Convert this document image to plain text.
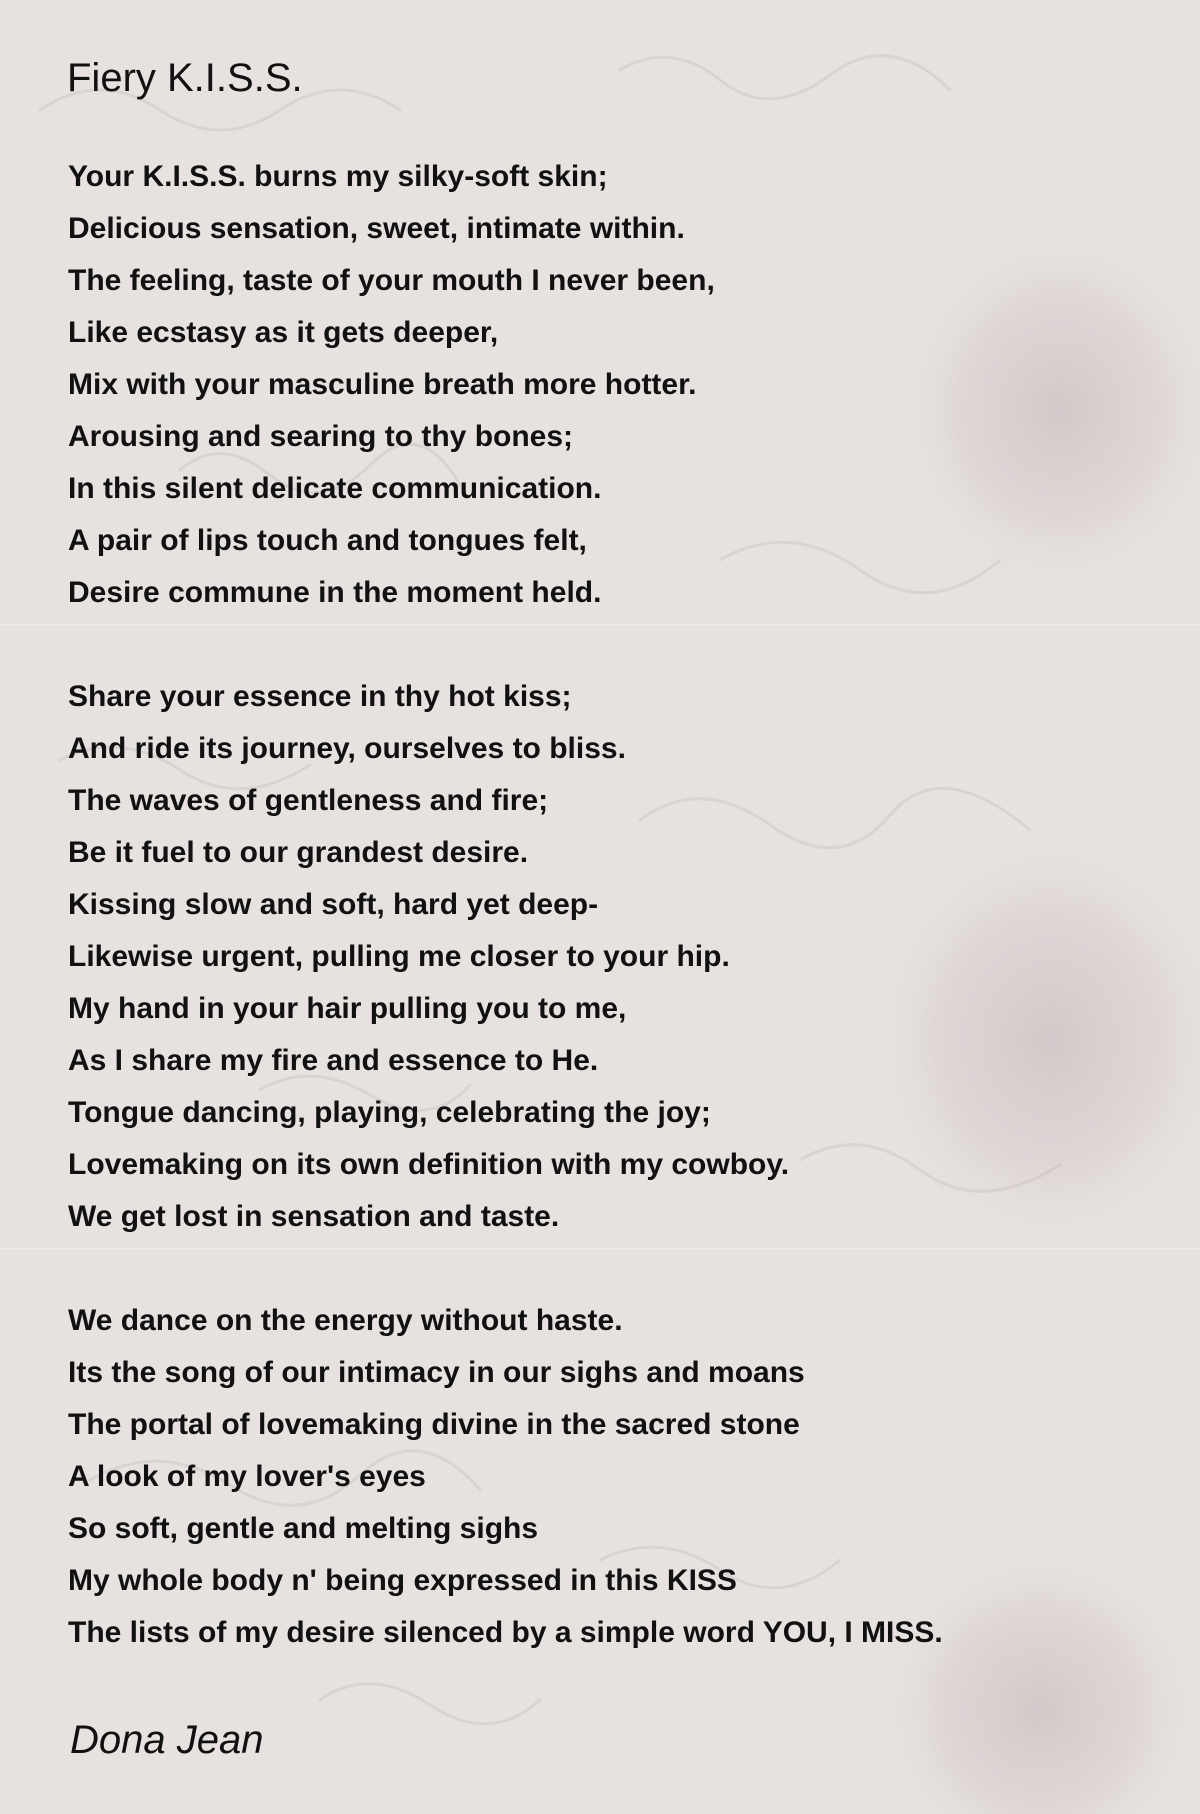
Fiery K.I.S.S.
Your K.I.S.S. burns my silky-soft skin;
Delicious sensation, sweet, intimate within.
The feeling, taste of your mouth I never been,
Like ecstasy as it gets deeper,
Mix with your masculine breath more hotter.
Arousing and searing to thy bones;
In this silent delicate communication.
A pair of lips touch and tongues felt,
Desire commune in the moment held.
Share your essence in thy hot kiss;
And ride its journey, ourselves to bliss.
The waves of gentleness and fire;
Be it fuel to our grandest desire.
Kissing slow and soft, hard yet deep-
Likewise urgent, pulling me closer to your hip.
My hand in your hair pulling you to me,
As I share my fire and essence to He.
Tongue dancing, playing, celebrating the joy;
Lovemaking on its own definition with my cowboy.
We get lost in sensation and taste.
We dance on the energy without haste.
Its the song of our intimacy in our sighs and moans
The portal of lovemaking divine in the sacred stone
A look of my lover's eyes
So soft, gentle and melting sighs
My whole body n' being expressed in this KISS
The lists of my desire silenced by a simple word YOU, I MISS.

Dona Jean
